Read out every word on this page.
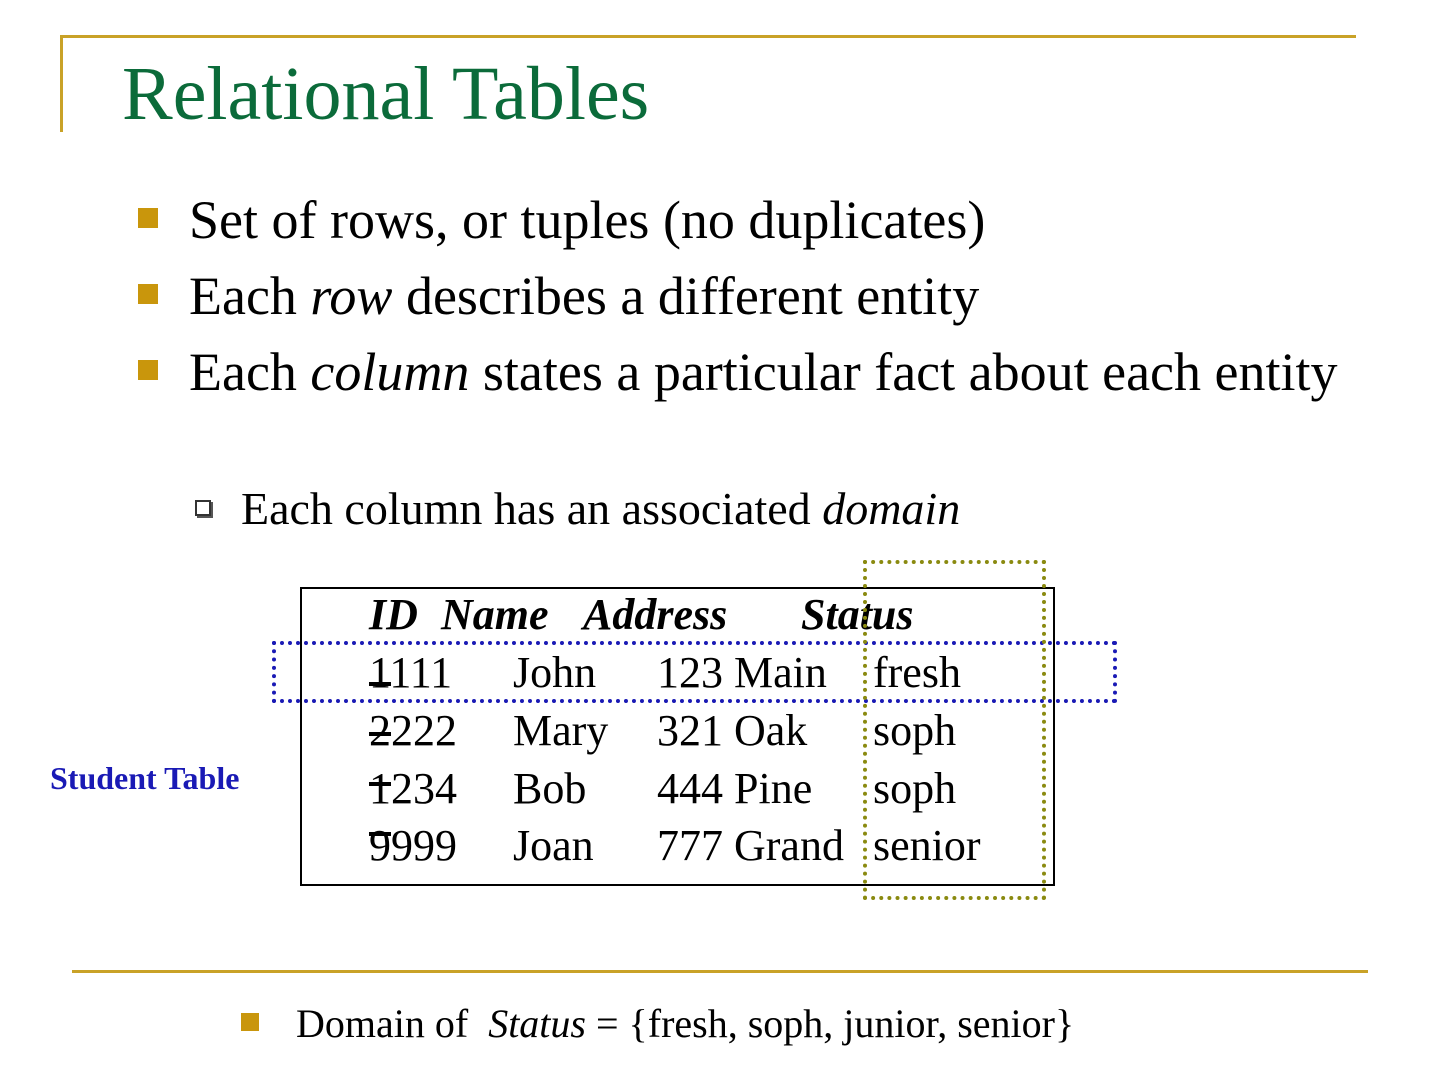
Relational Tables
Set of rows, or tuples (no duplicates)
Each row describes a different entity
Each column states a particular fact about each entity
Each column has an associated domain
Student Table

ID

Name

Address

Status

1111 John 123 Main fresh
2222 Mary 321 Oak soph
1234 Bob 444 Pine soph
9999 Joan 777 Grand senior
Domain of  Status = {fresh, soph, junior, senior}
